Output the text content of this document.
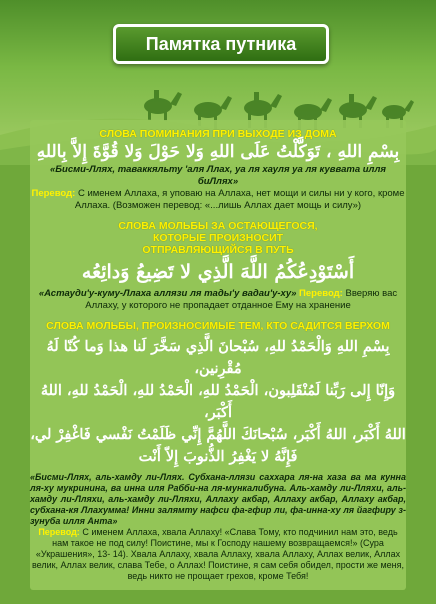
Памятка путника
СЛОВА ПОМИНАНИЯ ПРИ ВЫХОДЕ ИЗ ДОМА
بِسْمِ اللهِ ، تَوَكَّلْتُ عَلَى اللهِ وَلا حَوْلَ وَلا قُوَّةَ إِلاَّ بِاللهِ
«Бисми-Ллях, таваккяльту 'аля Ллах, уа ля хауля уа ля куввата илля биЛлях»
Перевод: С именем Аллаха, я уповаю на Аллаха, нет мощи и силы ни у кого, кроме Аллаха. (Возможен перевод: «...лишь Аллах дает мощь и силу»)
СЛОВА МОЛЬБЫ ЗА ОСТАЮЩЕГОСЯ, КОТОРЫЕ ПРОИЗНОСИТ ОТПРАВЛЯЮЩИЙСЯ В ПУТЬ
أَسْتَوْدِعُكُمُ اللَّهَ الَّذِي لا تَضِيعُ وَدائِعُه
«Астауди'у-куму-Ллаха аллязи ля тады'у вадаи'у-ху» Перевод: Вверяю вас Аллаху, у которого не пропадает отданное Ему на хранение
СЛОВА МОЛЬБЫ, ПРОИЗНОСИМЫЕ ТЕМ, КТО САДИТСЯ ВЕРХОМ
بِسْمِ اللهِ وَالْحَمْدُ للهِ، سُبْحانَ الَّذِي سَخَّرَ لَنا هذا وَما كُنّا لَهُ مُقْرِنين،
وَإِنّا إِلى رَبِّنا لَمُنْقَلِبون، الْحَمْدُ للهِ، الْحَمْدُ للهِ، الْحَمْدُ للهِ، اللهُ أَكْبَر،
اللهُ أَكْبَر، اللهُ أَكْبَر، سُبْحانَكَ اللَّهُمَّ إِنِّي ظَلَمْتُ نَفْسي فَاغْفِرْ لي،
فَإِنَّهُ لا يَغْفِرُ الذُّنوبَ إِلاّ أَنْت
«Бисми-Ллях, аль-хамду ли-Ллях. Субхана-ллязи саххара ля-на хаза ва ма кунна ля-ху мукринина, ва инна иля Рабби-на ля-мункалибуна. Аль-хамду ли-Лляхи, аль-хамду ли-Лляхи, аль-хамду ли-Лляхи, Аллаху акбар, Аллаху акбар, Аллаху акбар, субхана-кя Ллахумма! Инни залямту нафси фа-гфир ли, фа-инна-ху ля йагфиру з-зунуба илля Анта»
Перевод: С именем Аллаха, хвала Аллаху! «Слава Тому, кто подчинил нам это, ведь нам такое не под силу! Поистине, мы к Господу нашему возвращаемся!» (Сура «Украшения», 13- 14). Хвала Аллаху, хвала Аллаху, хвала Аллаху, Аллах велик, Аллах велик, Аллах велик, слава Тебе, о Аллах! Поистине, я сам себя обидел, прости же меня, ведь никто не прощает грехов, кроме Тебя!
